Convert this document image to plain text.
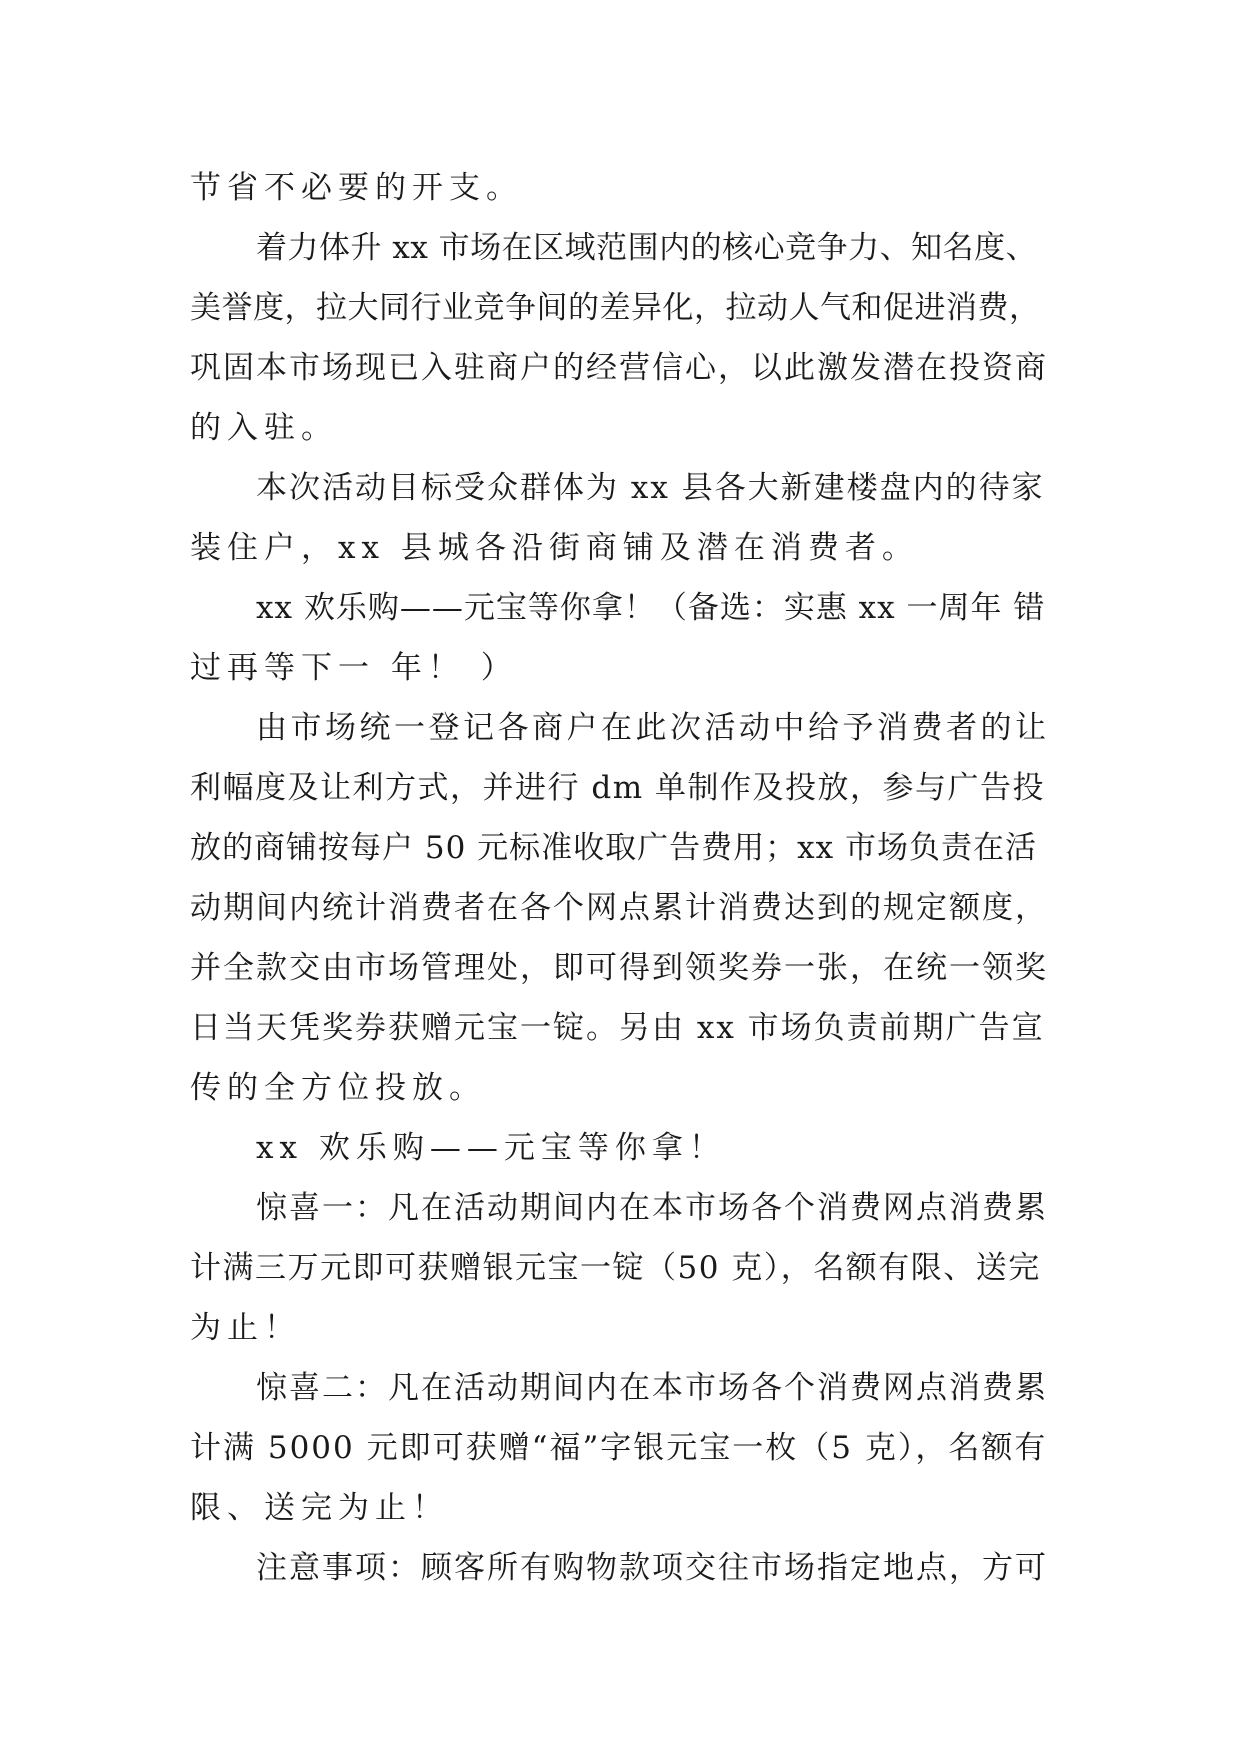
节省不必要的开支。
着力体升 xx 市场在区域范围内的核心竞争力、知名度、
美誉度，拉大同行业竞争间的差异化，拉动人气和促进消费，
巩固本市场现已入驻商户的经营信心，以此激发潜在投资商
的入驻。
本次活动目标受众群体为 xx 县各大新建楼盘内的待家
装住户，xx 县城各沿街商铺及潜在消费者。
xx 欢乐购——元宝等你拿！（备选：实惠 xx 一周年 错
过再等下一 年！ ）
由市场统一登记各商户在此次活动中给予消费者的让
利幅度及让利方式，并进行 dm 单制作及投放，参与广告投
放的商铺按每户 50 元标准收取广告费用；xx 市场负责在活
动期间内统计消费者在各个网点累计消费达到的规定额度，
并全款交由市场管理处，即可得到领奖券一张，在统一领奖
日当天凭奖券获赠元宝一锭。另由 xx 市场负责前期广告宣
传的全方位投放。
xx 欢乐购——元宝等你拿！
惊喜一：凡在活动期间内在本市场各个消费网点消费累
计满三万元即可获赠银元宝一锭（50 克），名额有限、送完
为止！
惊喜二：凡在活动期间内在本市场各个消费网点消费累
计满 5000 元即可获赠“福”字银元宝一枚（5 克），名额有
限、送完为止！
注意事项：顾客所有购物款项交往市场指定地点，方可
